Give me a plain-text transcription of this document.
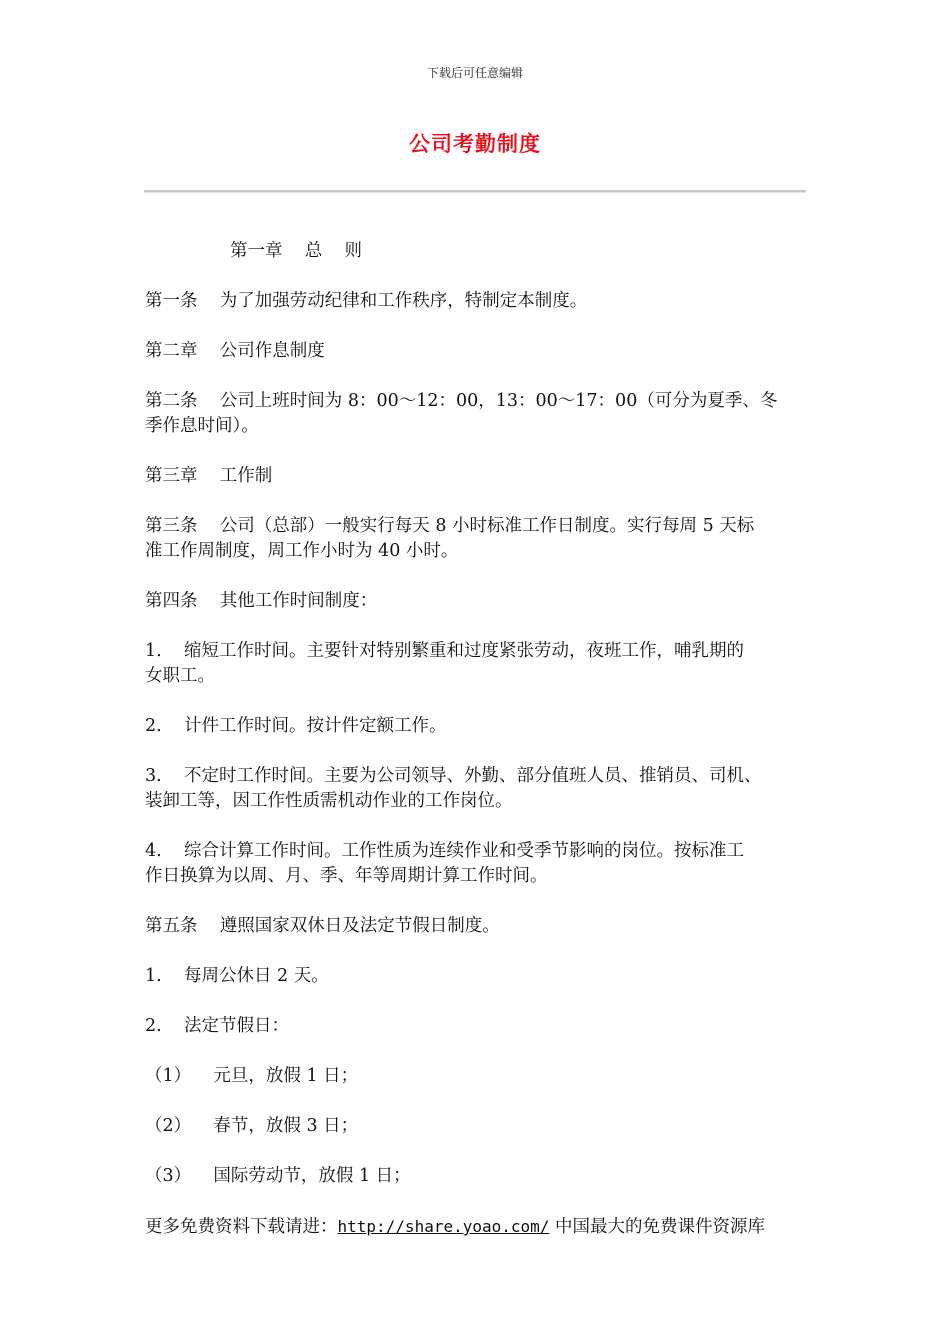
下载后可任意编辑
公司考勤制度
第一章    总    则
第一条    为了加强劳动纪律和工作秩序，特制定本制度。
第二章    公司作息制度
第二条    公司上班时间为 8：00～12：00，13：00～17：00（可分为夏季、冬
季作息时间）。
第三章    工作制
第三条    公司（总部）一般实行每天 8 小时标准工作日制度。实行每周 5 天标
准工作周制度，周工作小时为 40 小时。
第四条    其他工作时间制度：
1.    缩短工作时间。主要针对特别繁重和过度紧张劳动，夜班工作，哺乳期的
女职工。
2.    计件工作时间。按计件定额工作。
3.    不定时工作时间。主要为公司领导、外勤、部分值班人员、推销员、司机、
装卸工等，因工作性质需机动作业的工作岗位。
4.    综合计算工作时间。工作性质为连续作业和受季节影响的岗位。按标准工
作日换算为以周、月、季、年等周期计算工作时间。
第五条    遵照国家双休日及法定节假日制度。
1.    每周公休日 2 天。
2.    法定节假日：
（1）    元旦，放假 1 日；
（2）    春节，放假 3 日；
（3）    国际劳动节，放假 1 日；
更多免费资料下载请进：http://share.yoao.com/ 中国最大的免费课件资源库
